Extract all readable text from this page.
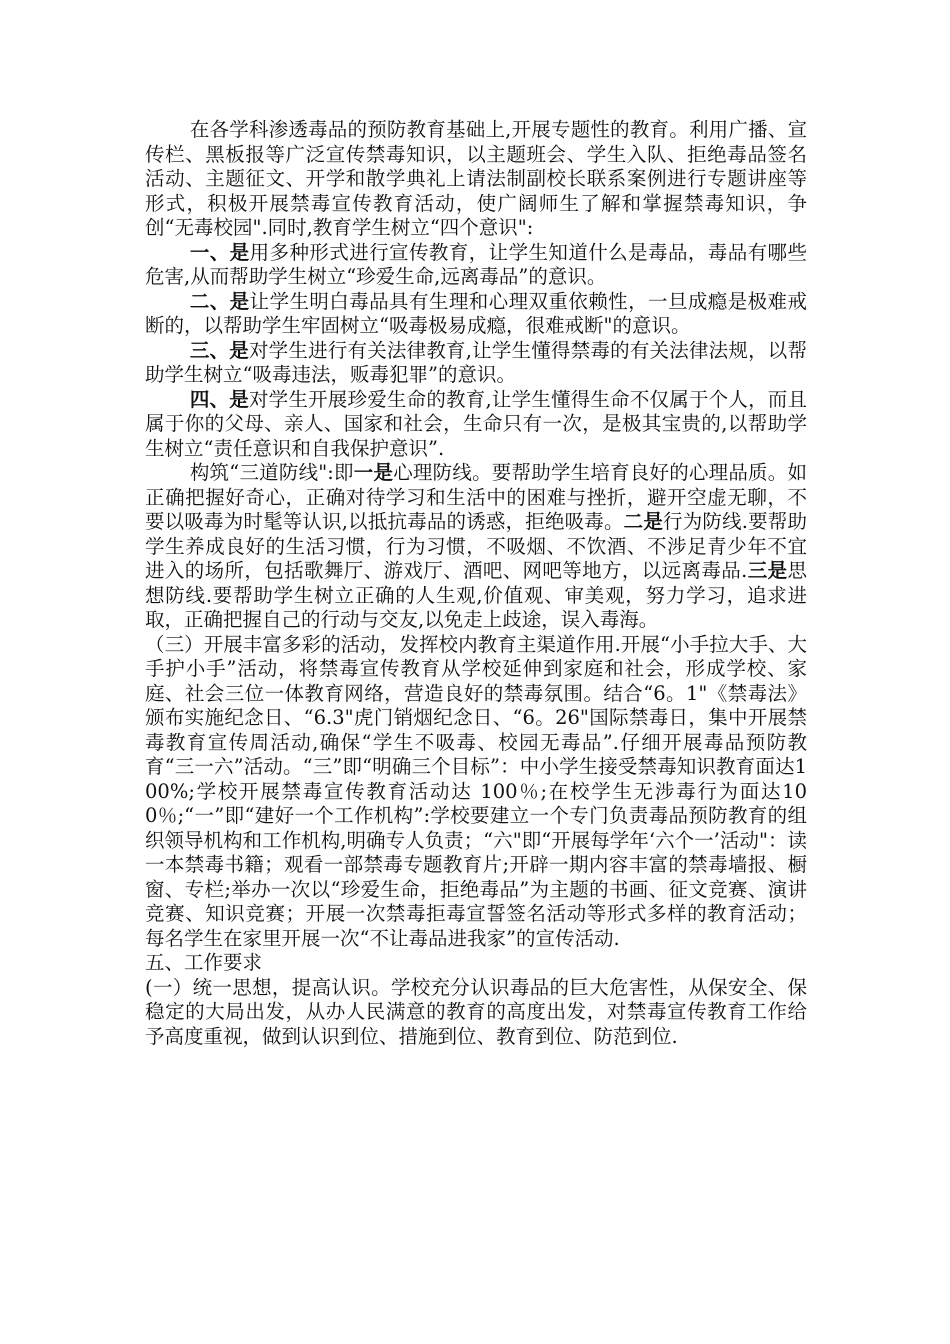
在各学科渗透毒品的预防教育基础上,开展专题性的教育。利用广播、宣传栏、黑板报等广泛宣传禁毒知识，以主题班会、学生入队、拒绝毒品签名活动、主题征文、开学和散学典礼上请法制副校长联系案例进行专题讲座等形式，积极开展禁毒宣传教育活动，使广阔师生了解和掌握禁毒知识，争创“无毒校园".同时,教育学生树立“四个意识":

一、是用多种形式进行宣传教育，让学生知道什么是毒品，毒品有哪些危害,从而帮助学生树立“珍爱生命,远离毒品”的意识。

二、是让学生明白毒品具有生理和心理双重依赖性，一旦成瘾是极难戒断的，以帮助学生牢固树立“吸毒极易成瘾，很难戒断"的意识。

三、是对学生进行有关法律教育,让学生懂得禁毒的有关法律法规，以帮助学生树立“吸毒违法，贩毒犯罪”的意识。

四、是对学生开展珍爱生命的教育,让学生懂得生命不仅属于个人，而且属于你的父母、亲人、国家和社会，生命只有一次，是极其宝贵的,以帮助学生树立“责任意识和自我保护意识”.

构筑“三道防线":即一是心理防线。要帮助学生培育良好的心理品质。如正确把握好奇心，正确对待学习和生活中的困难与挫折，避开空虚无聊，不要以吸毒为时髦等认识,以抵抗毒品的诱惑，拒绝吸毒。二是行为防线.要帮助学生养成良好的生活习惯，行为习惯，不吸烟、不饮酒、不涉足青少年不宜进入的场所，包括歌舞厅、游戏厅、酒吧、网吧等地方，以远离毒品.三是思想防线.要帮助学生树立正确的人生观,价值观、审美观，努力学习，追求进取，正确把握自己的行动与交友,以免走上歧途，误入毒海。

（三）开展丰富多彩的活动，发挥校内教育主渠道作用.开展“小手拉大手、大手护小手”活动，将禁毒宣传教育从学校延伸到家庭和社会，形成学校、家庭、社会三位一体教育网络，营造良好的禁毒氛围。结合“6。1"《禁毒法》颁布实施纪念日、“6.3"虎门销烟纪念日、“6。26"国际禁毒日，集中开展禁毒教育宣传周活动,确保“学生不吸毒、校园无毒品”.仔细开展毒品预防教育“三一六”活动。“三”即“明确三个目标”：中小学生接受禁毒知识教育面达100%;学校开展禁毒宣传教育活动达 100％;在校学生无涉毒行为面达100％;“一”即“建好一个工作机构”:学校要建立一个专门负责毒品预防教育的组织领导机构和工作机构,明确专人负责；“六"即“开展每学年‘六个一’活动"：读一本禁毒书籍；观看一部禁毒专题教育片;开辟一期内容丰富的禁毒墙报、橱窗、专栏;举办一次以“珍爱生命，拒绝毒品”为主题的书画、征文竞赛、演讲竞赛、知识竞赛；开展一次禁毒拒毒宣誓签名活动等形式多样的教育活动；每名学生在家里开展一次“不让毒品进我家”的宣传活动.

五、工作要求

(一）统一思想，提高认识。学校充分认识毒品的巨大危害性，从保安全、保稳定的大局出发，从办人民满意的教育的高度出发，对禁毒宣传教育工作给予高度重视，做到认识到位、措施到位、教育到位、防范到位.
